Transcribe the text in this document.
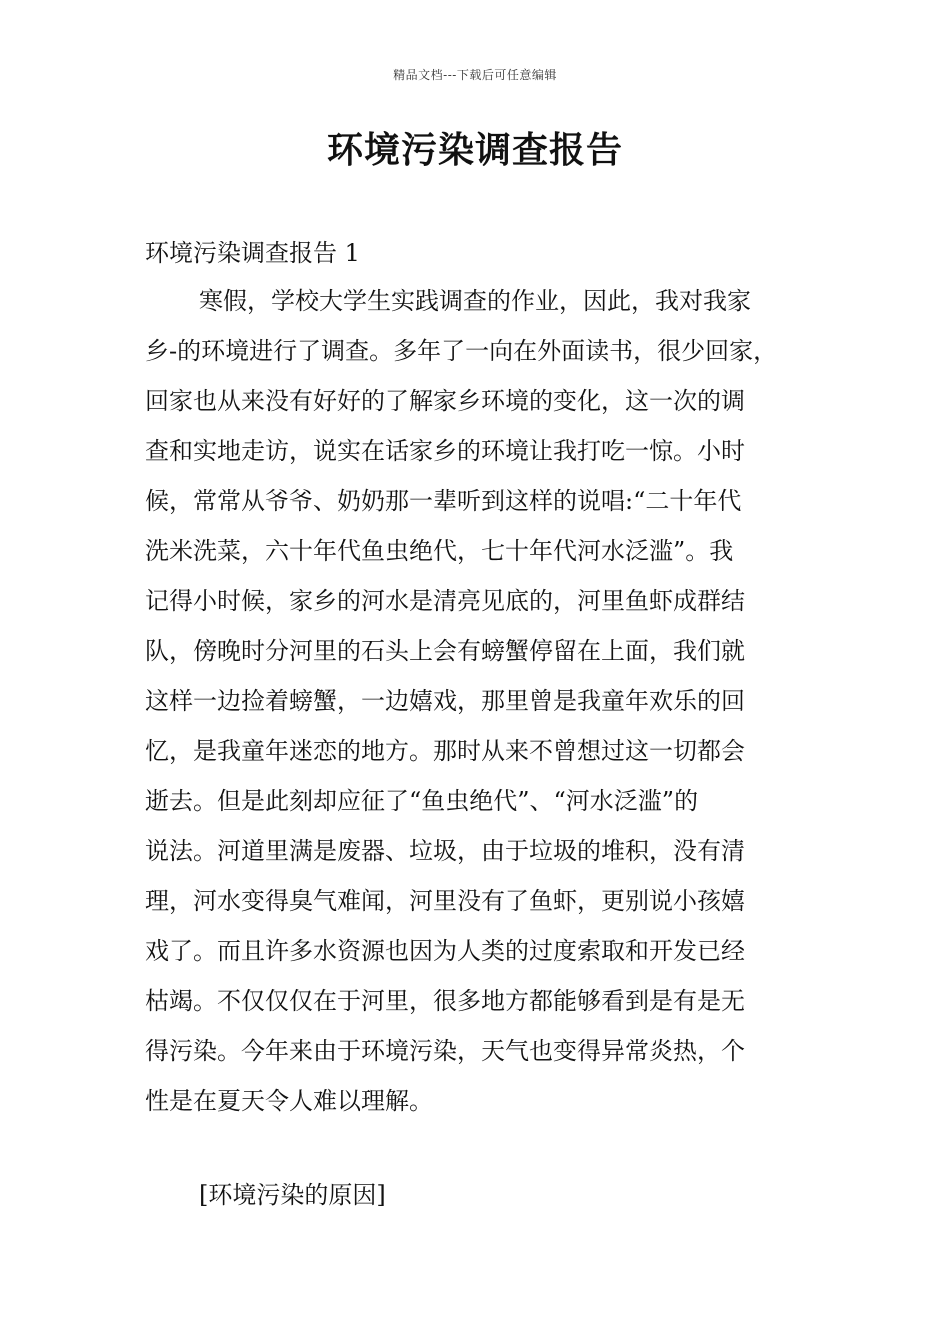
精品文档---下载后可任意编辑
环境污染调查报告
环境污染调查报告 1
寒假，学校大学生实践调查的作业，因此，我对我家
乡-的环境进行了调查。多年了一向在外面读书，很少回家，
回家也从来没有好好的了解家乡环境的变化，这一次的调
查和实地走访，说实在话家乡的环境让我打吃一惊。小时
候，常常从爷爷、奶奶那一辈听到这样的说唱:“二十年代
洗米洗菜，六十年代鱼虫绝代，七十年代河水泛滥”。我
记得小时候，家乡的河水是清亮见底的，河里鱼虾成群结
队，傍晚时分河里的石头上会有螃蟹停留在上面，我们就
这样一边捡着螃蟹，一边嬉戏，那里曾是我童年欢乐的回
忆，是我童年迷恋的地方。那时从来不曾想过这一切都会
逝去。但是此刻却应征了“鱼虫绝代”、“河水泛滥”的
说法。河道里满是废器、垃圾，由于垃圾的堆积，没有清
理，河水变得臭气难闻，河里没有了鱼虾，更别说小孩嬉
戏了。而且许多水资源也因为人类的过度索取和开发已经
枯竭。不仅仅仅在于河里，很多地方都能够看到是有是无
得污染。今年来由于环境污染，天气也变得异常炎热，个
性是在夏天令人难以理解。
[环境污染的原因]
